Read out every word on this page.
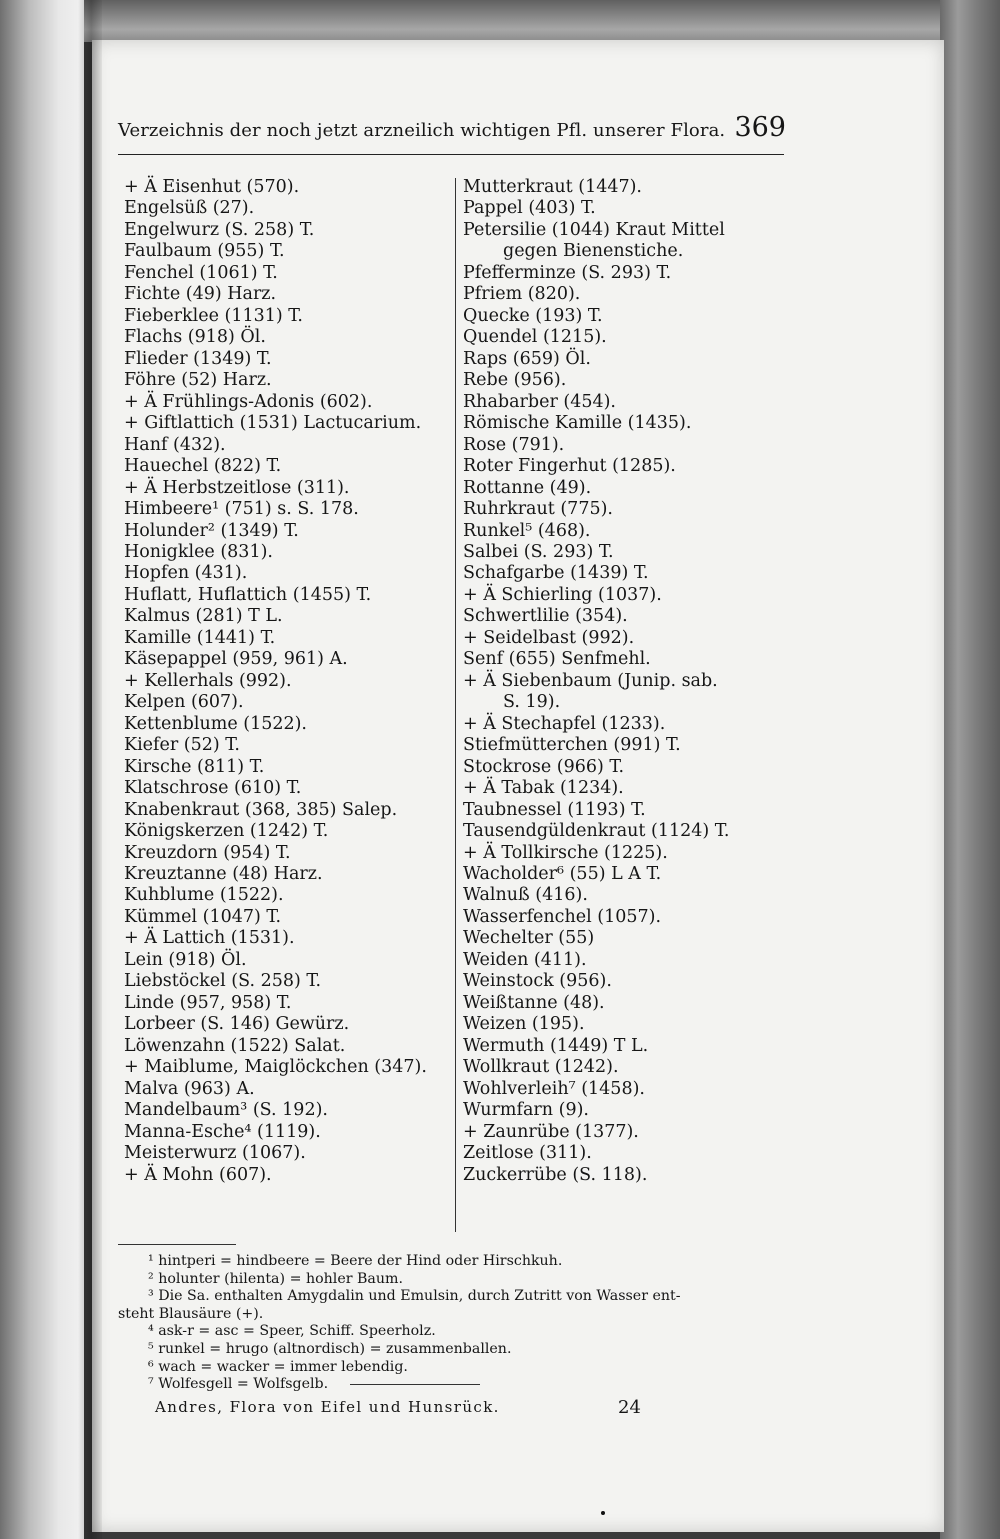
Verzeichnis der noch jetzt arzneilich wichtigen Pfl. unserer Flora. 369
+ Ä Eisenhut (570).
Engelsüß (27).
Engelwurz (S. 258) T.
Faulbaum (955) T.
Fenchel (1061) T.
Fichte (49) Harz.
Fieberklee (1131) T.
Flachs (918) Öl.
Flieder (1349) T.
Föhre (52) Harz.
+ Ä Frühlings-Adonis (602).
+ Giftlattich (1531) Lactucarium.
Hanf (432).
Hauechel (822) T.
+ Ä Herbstzeitlose (311).
Himbeere¹ (751) s. S. 178.
Holunder² (1349) T.
Honigklee (831).
Hopfen (431).
Huflatt, Huflattich (1455) T.
Kalmus (281) T L.
Kamille (1441) T.
Käsepappel (959, 961) A.
+ Kellerhals (992).
Kelpen (607).
Kettenblume (1522).
Kiefer (52) T.
Kirsche (811) T.
Klatschrose (610) T.
Knabenkraut (368, 385) Salep.
Königskerzen (1242) T.
Kreuzdorn (954) T.
Kreuztanne (48) Harz.
Kuhblume (1522).
Kümmel (1047) T.
+ Ä Lattich (1531).
Lein (918) Öl.
Liebstöckel (S. 258) T.
Linde (957, 958) T.
Lorbeer (S. 146) Gewürz.
Löwenzahn (1522) Salat.
+ Maiblume, Maiglöckchen (347).
Malva (963) A.
Mandelbaum³ (S. 192).
Manna-Esche⁴ (1119).
Meisterwurz (1067).
+ Ä Mohn (607).
Mutterkraut (1447).
Pappel (403) T.
Petersilie (1044) Kraut Mittel
gegen Bienenstiche.
Pfefferminze (S. 293) T.
Pfriem (820).
Quecke (193) T.
Quendel (1215).
Raps (659) Öl.
Rebe (956).
Rhabarber (454).
Römische Kamille (1435).
Rose (791).
Roter Fingerhut (1285).
Rottanne (49).
Ruhrkraut (775).
Runkel⁵ (468).
Salbei (S. 293) T.
Schafgarbe (1439) T.
+ Ä Schierling (1037).
Schwertlilie (354).
+ Seidelbast (992).
Senf (655) Senfmehl.
+ Ä Siebenbaum (Junip. sab.
S. 19).
+ Ä Stechapfel (1233).
Stiefmütterchen (991) T.
Stockrose (966) T.
+ Ä Tabak (1234).
Taubnessel (1193) T.
Tausendgüldenkraut (1124) T.
+ Ä Tollkirsche (1225).
Wacholder⁶ (55) L A T.
Walnuß (416).
Wasserfenchel (1057).
Wechelter (55)
Weiden (411).
Weinstock (956).
Weißtanne (48).
Weizen (195).
Wermuth (1449) T L.
Wollkraut (1242).
Wohlverleih⁷ (1458).
Wurmfarn (9).
+ Zaunrübe (1377).
Zeitlose (311).
Zuckerrübe (S. 118).
¹ hintperi = hindbeere = Beere der Hind oder Hirschkuh.
² holunter (hilenta) = hohler Baum.
³ Die Sa. enthalten Amygdalin und Emulsin, durch Zutritt von Wasser ent-
steht Blausäure (+).
⁴ ask-r = asc = Speer, Schiff. Speerholz.
⁵ runkel = hrugo (altnordisch) = zusammenballen.
⁶ wach = wacker = immer lebendig.
⁷ Wolfesgell = Wolfsgelb.
Andres, Flora von Eifel und Hunsrück.	24
